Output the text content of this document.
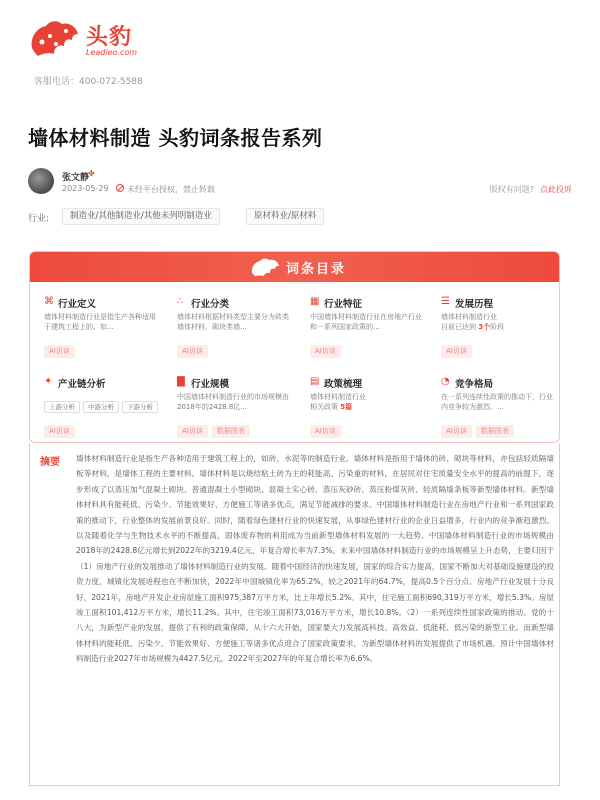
头豹
Leadleo.com
客服电话：400-072-5588
墙体材料制造 头豹词条报告系列
张文静
✤
2023-05-29 未经平台授权，禁止转载	版权有问题? 点此投诉
行业:	制造业/其他制造业/其他未列明制造业	原材料业/原材料
词条目录
⌘ 行业定义
墙体材料制造行业是指生产各种适用于建筑工程上的、如...
AI访谈
∴ 行业分类
墙体材料根据材料类型主要分为砖类墙体材料、砌块类墙...
AI访谈
▦ 行业特征
中国墙体材料制造行业在房地产行业和一系列国家政策的...
AI访谈
☰ 发展历程
墙体材料制造行业
目前已达到 3个阶段
AI访谈
✦ 产业链分析
上游分析 中游分析 下游分析
AI访谈
▇ 行业规模
中国墙体材料制造行业的市场规模由2018年的2428.8亿...
AI访谈 数据图表
▤ 政策梳理
墙体材料制造行业
相关政策 5篇
AI访谈
◔ 竞争格局
在一系列连续性政策的推动下，行业内竞争较为激烈。...
AI访谈 数据图表
摘要 墙体材料制造行业是指生产各种适用于建筑工程上的，如砖、水泥等的制造行业。墙体材料是指用于墙体的砖、砌块等材料，亦包括轻质隔墙板等材料，是墙体工程的主要材料。墙体材料是以烧结粘土砖为主的耗能高、污染重的材料，在居民对住宅质量安全水平的提高的前提下，逐步形成了以蒸压加气混凝土砌块、普通混凝土小型砌块、混凝土实心砖、蒸压灰砂砖、蒸压粉煤灰砖、轻质隔墙条板等新型墙体材料。新型墙体材料具有能耗低、污染少、节能效果好、方便施工等诸多优点，满足节能减排的要求。中国墙体材料制造行业在房地产行业和一系列国家政策的推动下，行业整体的发展前景良好。同时，随着绿色建材行业的快速发展，从事绿色建材行业的企业日益增多，行业内的竞争渐趋激烈。以及随着化学与生物技术水平的不断提高，固体废弃物的利用成为当前新型墙体材料发展的一大趋势。中国墙体材料制造行业的市场规模由2018年的2428.8亿元增长到2022年的3219.4亿元，年复合增长率为7.3%。未来中国墙体材料制造行业的市场规模呈上升态势，主要归因于（1）房地产行业的发展推动了墙体材料制造行业的发展。随着中国经济的快速发展，国家的综合实力提高，国家不断加大对基础设施建设的投资力度，城镇化发展进程也在不断加快，2022年中国城镇化率为65.2%，较之2021年的64.7%，提高0.5个百分点。房地产行业发展十分良好，2021年，房地产开发企业房屋施工面积975,387万平方米，比上年增长5.2%。其中，住宅施工面积690,319万平方米，增长5.3%。房屋竣工面积101,412万平方米，增长11.2%。其中，住宅竣工面积73,016万平方米，增长10.8%。（2）一系列连续性国家政策的推动。党的十八大，为新型产业的发展，提供了有利的政策保障。从十六大开始，国家要大力发展高科技、高效益、低能耗、低污染的新型工业。而新型墙体材料的能耗低、污染少、节能效果好、方便施工等诸多优点迎合了国家政策要求，为新型墙体材料的发展提供了市场机遇。预计中国墙体材料制造行业2027年市场规模为4427.5亿元，2022年至2027年的年复合增长率为6.6%。
